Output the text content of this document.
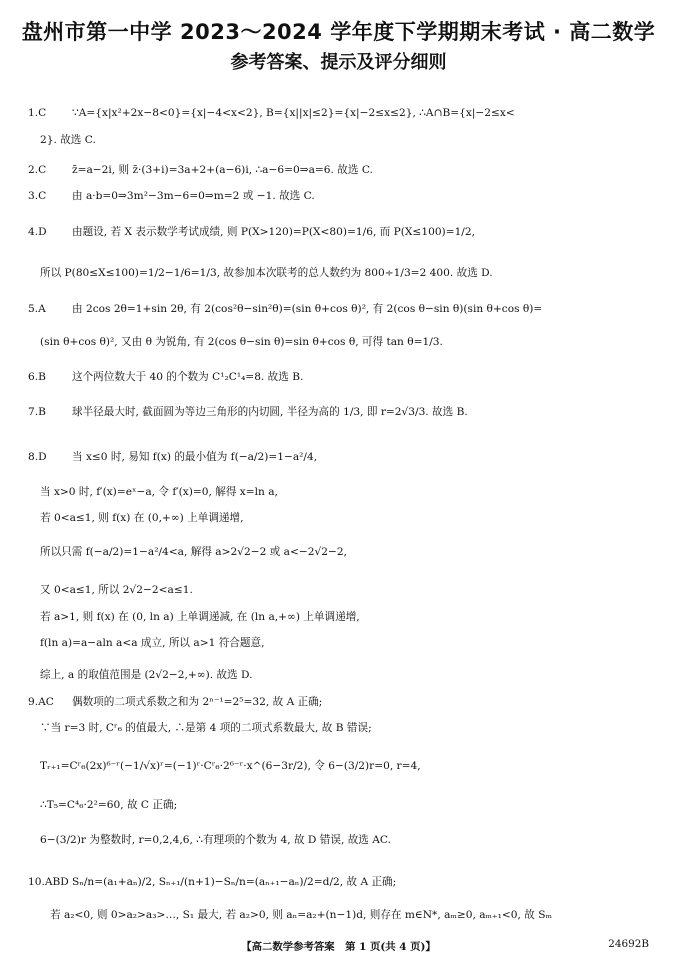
盘州市第一中学 2023～2024 学年度下学期期末考试 · 高二数学
参考答案、提示及评分细则
1.C ∵A={x|x²+2x−8<0}={x|−4<x<2}, B={x||x|≤2}={x|−2≤x≤2}, ∴A∩B={x|−2≤x<
2}. 故选 C.
2.C z̄=a−2i, 则 z̄·(3+i)=3a+2+(a−6)i, ∴a−6=0⇒a=6. 故选 C.
3.C 由 a·b=0⇒3m²−3m−6=0⇒m=2 或 −1. 故选 C.
4.D 由题设, 若 X 表示数学考试成绩, 则 P(X>120)=P(X<80)=1/6, 而 P(X≤100)=1/2,
所以 P(80≤X≤100)=1/2−1/6=1/3, 故参加本次联考的总人数约为 800÷1/3=2 400. 故选 D.
5.A 由 2cos 2θ=1+sin 2θ, 有 2(cos²θ−sin²θ)=(sin θ+cos θ)², 有 2(cos θ−sin θ)(sin θ+cos θ)=
(sin θ+cos θ)², 又由 θ 为锐角, 有 2(cos θ−sin θ)=sin θ+cos θ, 可得 tan θ=1/3.
6.B 这个两位数大于 40 的个数为 C¹₂C¹₄=8. 故选 B.
7.B 球半径最大时, 截面圆为等边三角形的内切圆, 半径为高的 1/3, 即 r=2√3/3. 故选 B.
8.D 当 x≤0 时, 易知 f(x) 的最小值为 f(−a/2)=1−a²/4,
当 x>0 时, f′(x)=eˣ−a, 令 f′(x)=0, 解得 x=ln a,
若 0<a≤1, 则 f(x) 在 (0,+∞) 上单调递增,
所以只需 f(−a/2)=1−a²/4<a, 解得 a>2√2−2 或 a<−2√2−2,
又 0<a≤1, 所以 2√2−2<a≤1.
若 a>1, 则 f(x) 在 (0, ln a) 上单调递减, 在 (ln a,+∞) 上单调递增,
f(ln a)=a−aln a<a 成立, 所以 a>1 符合题意,
综上, a 的取值范围是 (2√2−2,+∞). 故选 D.
9.AC 偶数项的二项式系数之和为 2ⁿ⁻¹=2⁵=32, 故 A 正确;
∵当 r=3 时, Cʳ₆ 的值最大, ∴是第 4 项的二项式系数最大, 故 B 错误;
Tᵣ₊₁=Cʳ₆(2x)⁶⁻ʳ(−1/√x)ʳ=(−1)ʳ·Cʳ₆·2⁶⁻ʳ·x^(6−3r/2), 令 6−(3/2)r=0, r=4,
∴T₅=C⁴₆·2²=60, 故 C 正确;
6−(3/2)r 为整数时, r=0,2,4,6, ∴有理项的个数为 4, 故 D 错误, 故选 AC.
10.ABD Sₙ/n=(a₁+aₙ)/2, Sₙ₊₁/(n+1)−Sₙ/n=(aₙ₊₁−aₙ)/2=d/2, 故 A 正确;
若 a₂<0, 则 0>a₂>a₃>…, S₁ 最大, 若 a₂>0, 则 aₙ=a₂+(n−1)d, 则存在 m∈N*, aₘ≥0, aₘ₊₁<0, 故 Sₘ
【高二数学参考答案　第 1 页(共 4 页)】	24692B
